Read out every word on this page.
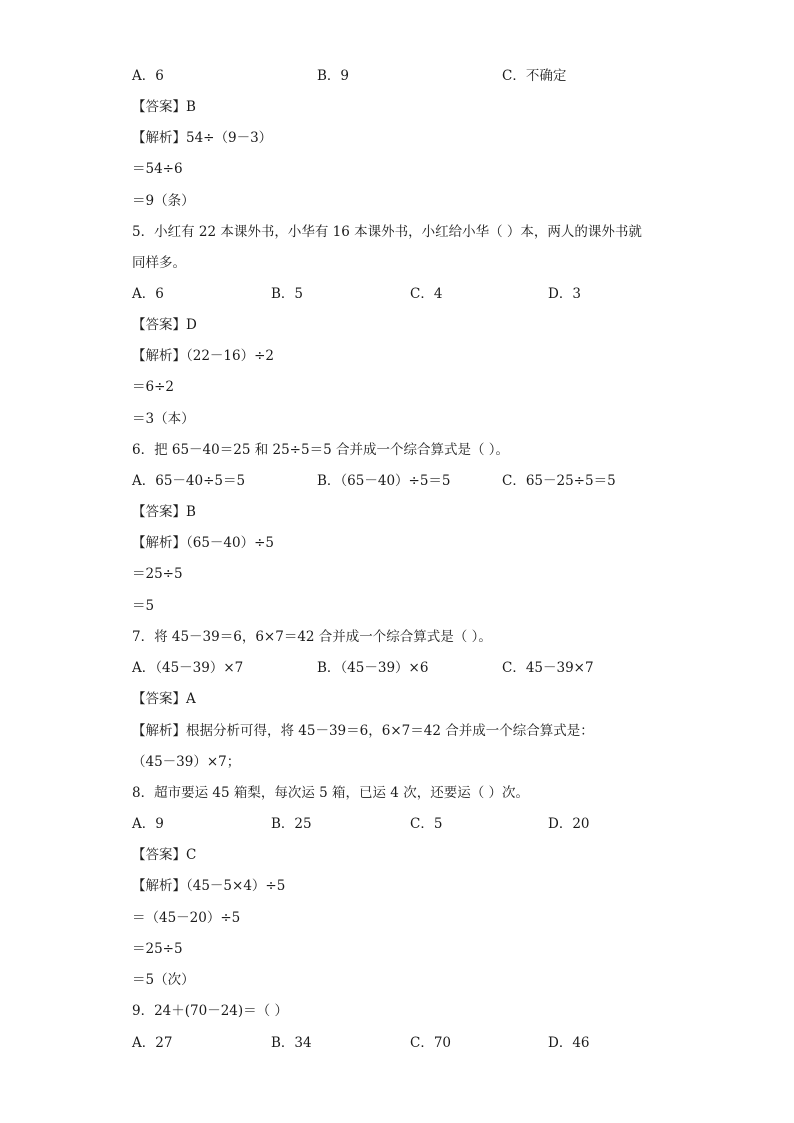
A．6	B．9	C．不确定
【答案】B
【解析】54÷（9－3）
＝54÷6
＝9（条）
5．小红有 22 本课外书，小华有 16 本课外书，小红给小华（ ）本，两人的课外书就
同样多。
A．6	B．5	C．4	D．3
【答案】D
【解析】（22－16）÷2
＝6÷2
＝3（本）
6．把 65－40＝25 和 25÷5＝5 合并成一个综合算式是（ ）。
A．65－40÷5＝5	B．（65－40）÷5＝5	C．65－25÷5＝5
【答案】B
【解析】（65－40）÷5
＝25÷5
＝5
7．将 45－39＝6，6×7＝42 合并成一个综合算式是（ ）。
A．（45－39）×7	B．（45－39）×6	C．45－39×7
【答案】A
【解析】根据分析可得，将 45－39＝6，6×7＝42 合并成一个综合算式是：
（45－39）×7；
8．超市要运 45 箱梨，每次运 5 箱，已运 4 次，还要运（ ）次。
A．9	B．25	C．5	D．20
【答案】C
【解析】（45－5×4）÷5
＝（45－20）÷5
＝25÷5
＝5（次）
9．24＋(70－24)＝（ ）
A．27	B．34	C．70	D．46
